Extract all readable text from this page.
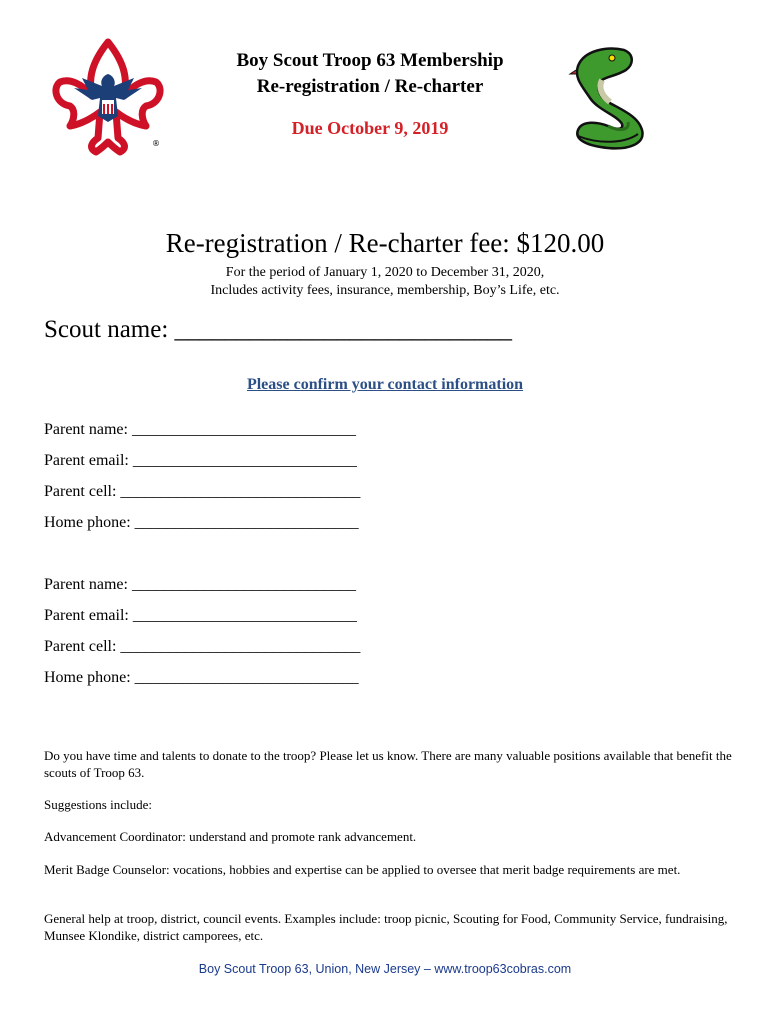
®
Boy Scout Troop 63 Membership
Re-registration / Re-charter
Due October 9, 2019
Re-registration / Re-charter fee: $120.00
For the period of January 1, 2020 to December 31, 2020,
Includes activity fees, insurance, membership, Boy’s Life, etc.
Scout name: ___________________________
Please confirm your contact information
Parent name: ____________________________
Parent email: ____________________________
Parent cell: ______________________________
Home phone: ____________________________
Parent name: ____________________________
Parent email: ____________________________
Parent cell: ______________________________
Home phone: ____________________________
Do you have time and talents to donate to the troop? Please let us know. There are many valuable positions available that benefit the scouts of Troop 63.
Suggestions include:
Advancement Coordinator: understand and promote rank advancement.
Merit Badge Counselor: vocations, hobbies and expertise can be applied to oversee that merit badge requirements are met.
General help at troop, district, council events. Examples include: troop picnic, Scouting for Food, Community Service, fundraising, Munsee Klondike, district camporees, etc.
Boy Scout Troop 63, Union, New Jersey – www.troop63cobras.com
